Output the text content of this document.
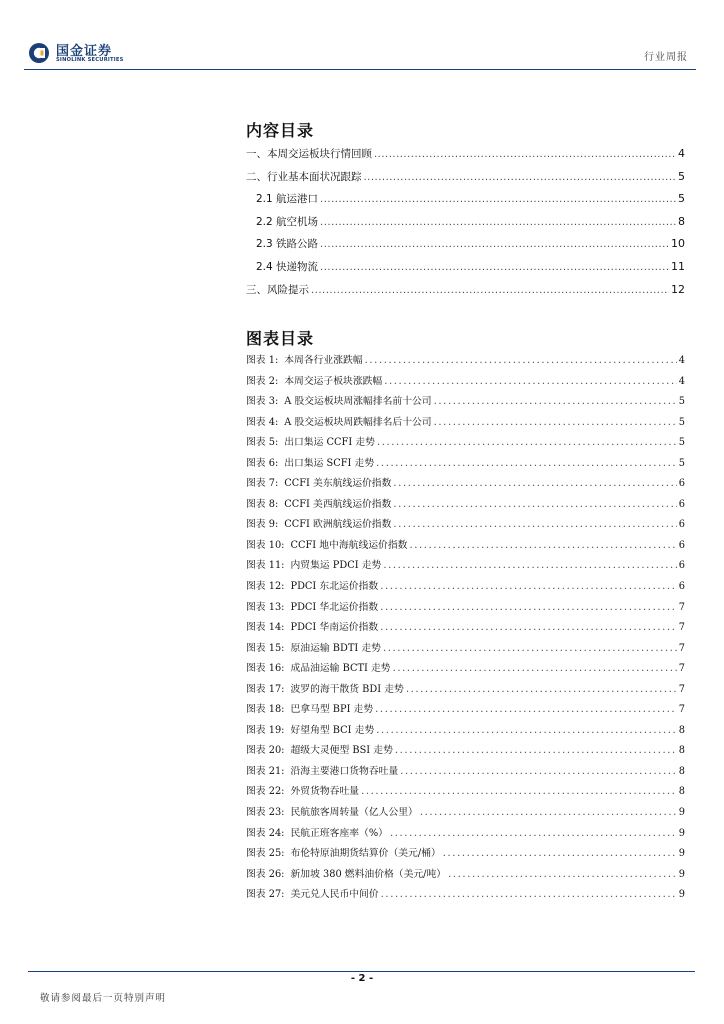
国金证券
SINOLINK SECURITIES	行业周报
内容目录
一、本周交运板块行情回顾 .....	4
二、行业基本面状况跟踪 .....	5
2.1 航运港口 .....	5
2.2 航空机场 .....	8
2.3 铁路公路 .....	10
2.4 快递物流 .....	11
三、风险提示 .....	12
图表目录
图表 1: 本周各行业涨跌幅 .....	4
图表 2: 本周交运子板块涨跌幅 .....	4
图表 3: A 股交运板块周涨幅排名前十公司 .....	5
图表 4: A 股交运板块周跌幅排名后十公司 .....	5
图表 5: 出口集运 CCFI 走势 .....	5
图表 6: 出口集运 SCFI 走势 .....	5
图表 7: CCFI 美东航线运价指数 .....	6
图表 8: CCFI 美西航线运价指数 .....	6
图表 9: CCFI 欧洲航线运价指数 .....	6
图表 10: CCFI 地中海航线运价指数 .....	6
图表 11: 内贸集运 PDCI 走势 .....	6
图表 12: PDCI 东北运价指数 .....	6
图表 13: PDCI 华北运价指数 .....	7
图表 14: PDCI 华南运价指数 .....	7
图表 15: 原油运输 BDTI 走势 .....	7
图表 16: 成品油运输 BCTI 走势 .....	7
图表 17: 波罗的海干散货 BDI 走势 .....	7
图表 18: 巴拿马型 BPI 走势 .....	7
图表 19: 好望角型 BCI 走势 .....	8
图表 20: 超级大灵便型 BSI 走势 .....	8
图表 21: 沿海主要港口货物吞吐量 .....	8
图表 22: 外贸货物吞吐量 .....	8
图表 23: 民航旅客周转量（亿人公里） .....	9
图表 24: 民航正班客座率（%） .....	9
图表 25: 布伦特原油期货结算价（美元/桶） .....	9
图表 26: 新加坡 380 燃料油价格（美元/吨） .....	9
图表 27: 美元兑人民币中间价 .....	9
- 2 -
敬请参阅最后一页特别声明
